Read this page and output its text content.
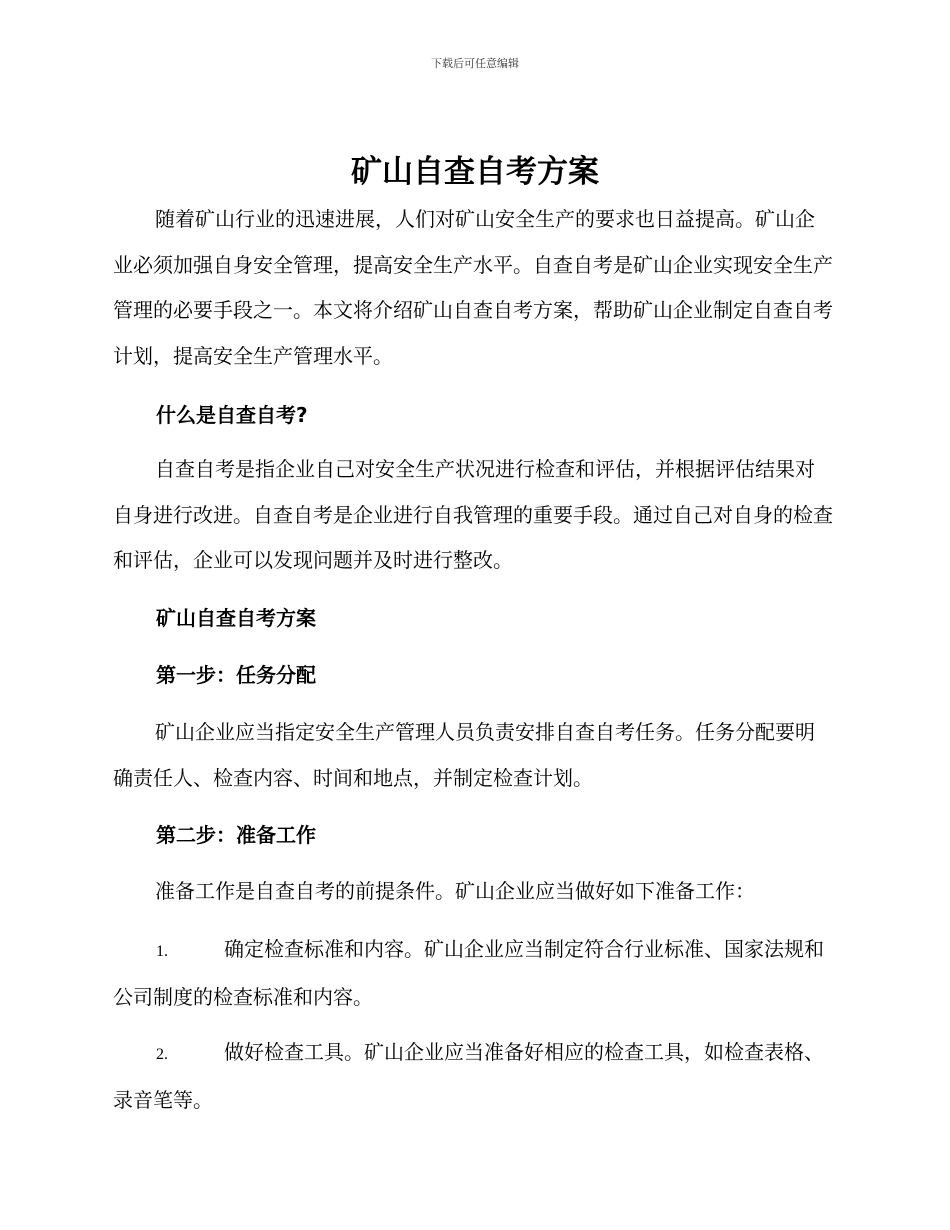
下载后可任意编辑
矿山自查自考方案

随着矿山行业的迅速进展，人们对矿山安全生产的要求也日益提高。矿山企业必须加强自身安全管理，提高安全生产水平。自查自考是矿山企业实现安全生产管理的必要手段之一。本文将介绍矿山自查自考方案，帮助矿山企业制定自查自考计划，提高安全生产管理水平。

什么是自查自考?

自查自考是指企业自己对安全生产状况进行检查和评估，并根据评估结果对自身进行改进。自查自考是企业进行自我管理的重要手段。通过自己对自身的检查和评估，企业可以发现问题并及时进行整改。

矿山自查自考方案

第一步：任务分配

矿山企业应当指定安全生产管理人员负责安排自查自考任务。任务分配要明确责任人、检查内容、时间和地点，并制定检查计划。

第二步：准备工作

准备工作是自查自考的前提条件。矿山企业应当做好如下准备工作：

1.	确定检查标准和内容。矿山企业应当制定符合行业标准、国家法规和公司制度的检查标准和内容。

2.	做好检查工具。矿山企业应当准备好相应的检查工具，如检查表格、录音笔等。
